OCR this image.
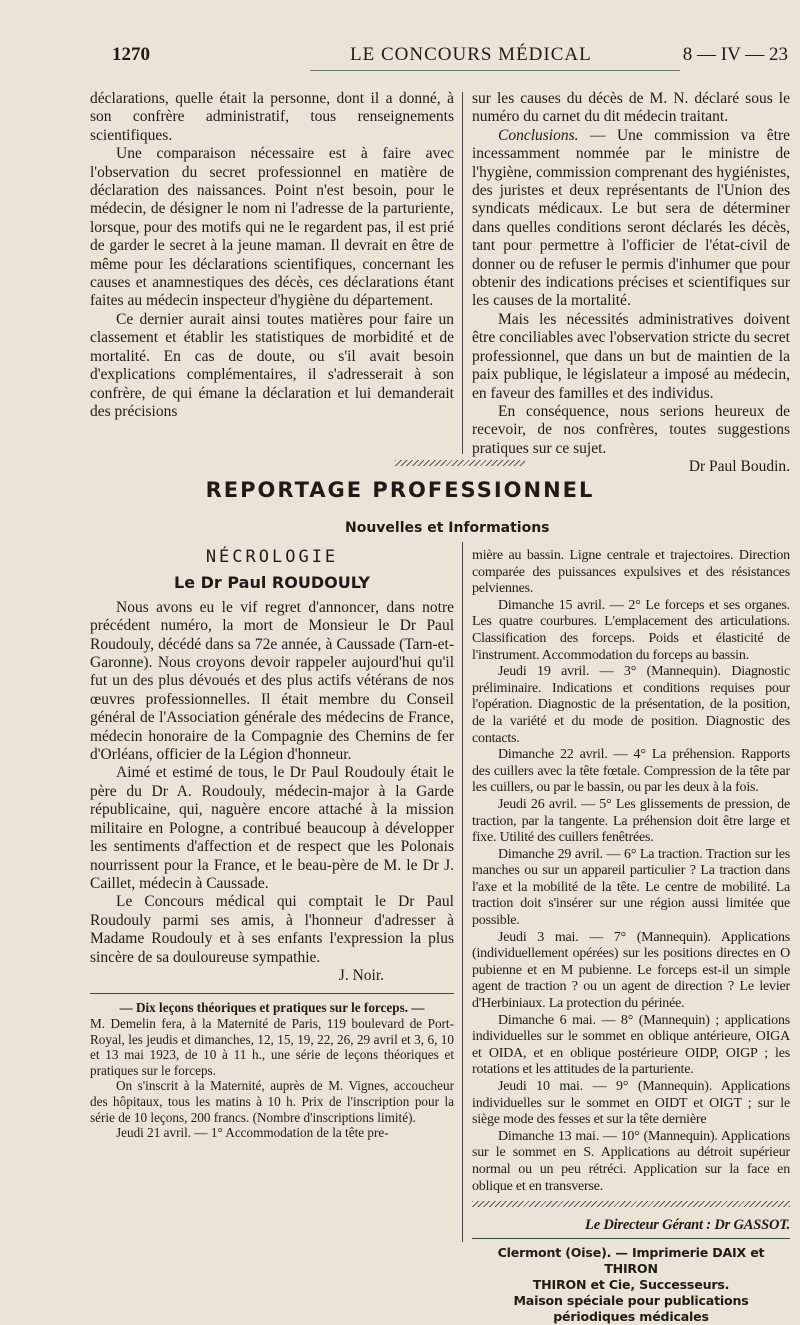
1270	LE CONCOURS MÉDICAL	8 — IV — 23

déclarations, quelle était la personne, dont il a donné, à son confrère administratif, tous renseignements scientifiques.

Une comparaison nécessaire est à faire avec l'observation du secret professionnel en matière de déclaration des naissances. Point n'est besoin, pour le médecin, de désigner le nom ni l'adresse de la parturiente, lorsque, pour des motifs qui ne le regardent pas, il est prié de garder le secret à la jeune maman. Il devrait en être de même pour les déclarations scientifiques, concernant les causes et anamnestiques des décès, ces déclarations étant faites au médecin inspecteur d'hygiène du département.

Ce dernier aurait ainsi toutes matières pour faire un classement et établir les statistiques de morbidité et de mortalité. En cas de doute, ou s'il avait besoin d'explications complémentaires, il s'adresserait à son confrère, de qui émane la déclaration et lui demanderait des précisions

sur les causes du décès de M. N. déclaré sous le numéro du carnet du dit médecin traitant.

Conclusions. — Une commission va être incessamment nommée par le ministre de l'hygiène, commission comprenant des hygiénistes, des juristes et deux représentants de l'Union des syndicats médicaux. Le but sera de déterminer dans quelles conditions seront déclarés les décès, tant pour permettre à l'officier de l'état-civil de donner ou de refuser le permis d'inhumer que pour obtenir des indications précises et scientifiques sur les causes de la mortalité.

Mais les nécessités administratives doivent être conciliables avec l'observation stricte du secret professionnel, que dans un but de maintien de la paix publique, le législateur a imposé au médecin, en faveur des familles et des individus.

En conséquence, nous serions heureux de recevoir, de nos confrères, toutes suggestions pratiques sur ce sujet.

Dr Paul Boudin.

REPORTAGE PROFESSIONNEL
Nouvelles et Informations
NÉCROLOGIE
Le Dr Paul ROUDOULY

Nous avons eu le vif regret d'annoncer, dans notre précédent numéro, la mort de Monsieur le Dr Paul Roudouly, décédé dans sa 72e année, à Caussade (Tarn-et-Garonne). Nous croyons devoir rappeler aujourd'hui qu'il fut un des plus dévoués et des plus actifs vétérans de nos œuvres professionnelles. Il était membre du Conseil général de l'Association générale des médecins de France, médecin honoraire de la Compagnie des Chemins de fer d'Orléans, officier de la Légion d'honneur.

Aimé et estimé de tous, le Dr Paul Roudouly était le père du Dr A. Roudouly, médecin-major à la Garde républicaine, qui, naguère encore attaché à la mission militaire en Pologne, a contribué beaucoup à développer les sentiments d'affection et de respect que les Polonais nourrissent pour la France, et le beau-père de M. le Dr J. Caillet, médecin à Caussade.

Le Concours médical qui comptait le Dr Paul Roudouly parmi ses amis, à l'honneur d'adresser à Madame Roudouly et à ses enfants l'expression la plus sincère de sa douloureuse sympathie.

J. Noir.

— Dix leçons théoriques et pratiques sur le forceps. —

M. Demelin fera, à la Maternité de Paris, 119 boulevard de Port-Royal, les jeudis et dimanches, 12, 15, 19, 22, 26, 29 avril et 3, 6, 10 et 13 mai 1923, de 10 à 11 h., une série de leçons théoriques et pratiques sur le forceps.

On s'inscrit à la Maternité, auprès de M. Vignes, accoucheur des hôpitaux, tous les matins à 10 h. Prix de l'inscription pour la série de 10 leçons, 200 francs. (Nombre d'inscriptions limité).

Jeudi 21 avril. — 1° Accommodation de la tête pre-

mière au bassin. Ligne centrale et trajectoires. Direction comparée des puissances expulsives et des résistances pelviennes.

Dimanche 15 avril. — 2° Le forceps et ses organes. Les quatre courbures. L'emplacement des articulations. Classification des forceps. Poids et élasticité de l'instrument. Accommodation du forceps au bassin.

Jeudi 19 avril. — 3° (Mannequin). Diagnostic préliminaire. Indications et conditions requises pour l'opération. Diagnostic de la présentation, de la position, de la variété et du mode de position. Diagnostic des contacts.

Dimanche 22 avril. — 4° La préhension. Rapports des cuillers avec la tête fœtale. Compression de la tête par les cuillers, ou par le bassin, ou par les deux à la fois.

Jeudi 26 avril. — 5° Les glissements de pression, de traction, par la tangente. La préhension doit être large et fixe. Utilité des cuillers fenêtrées.

Dimanche 29 avril. — 6° La traction. Traction sur les manches ou sur un appareil particulier ? La traction dans l'axe et la mobilité de la tête. Le centre de mobilité. La traction doit s'insérer sur une région aussi limitée que possible.

Jeudi 3 mai. — 7° (Mannequin). Applications (individuellement opérées) sur les positions directes en O pubienne et en M pubienne. Le forceps est-il un simple agent de traction ? ou un agent de direction ? Le levier d'Herbiniaux. La protection du périnée.

Dimanche 6 mai. — 8° (Mannequin) ; applications individuelles sur le sommet en oblique antérieure, OIGA et OIDA, et en oblique postérieure OIDP, OIGP ; les rotations et les attitudes de la parturiente.

Jeudi 10 mai. — 9° (Mannequin). Applications individuelles sur le sommet en OIDT et OIGT ; sur le siège mode des fesses et sur la tête dernière

Dimanche 13 mai. — 10° (Mannequin). Applications sur le sommet en S. Applications au détroit supérieur normal ou un peu rétréci. Application sur la face en oblique et en transverse.

Le Directeur Gérant : Dr GASSOT.

Clermont (Oise). — Imprimerie DAIX et THIRON

THIRON et Cie, Successeurs.

Maison spéciale pour publications périodiques médicales
